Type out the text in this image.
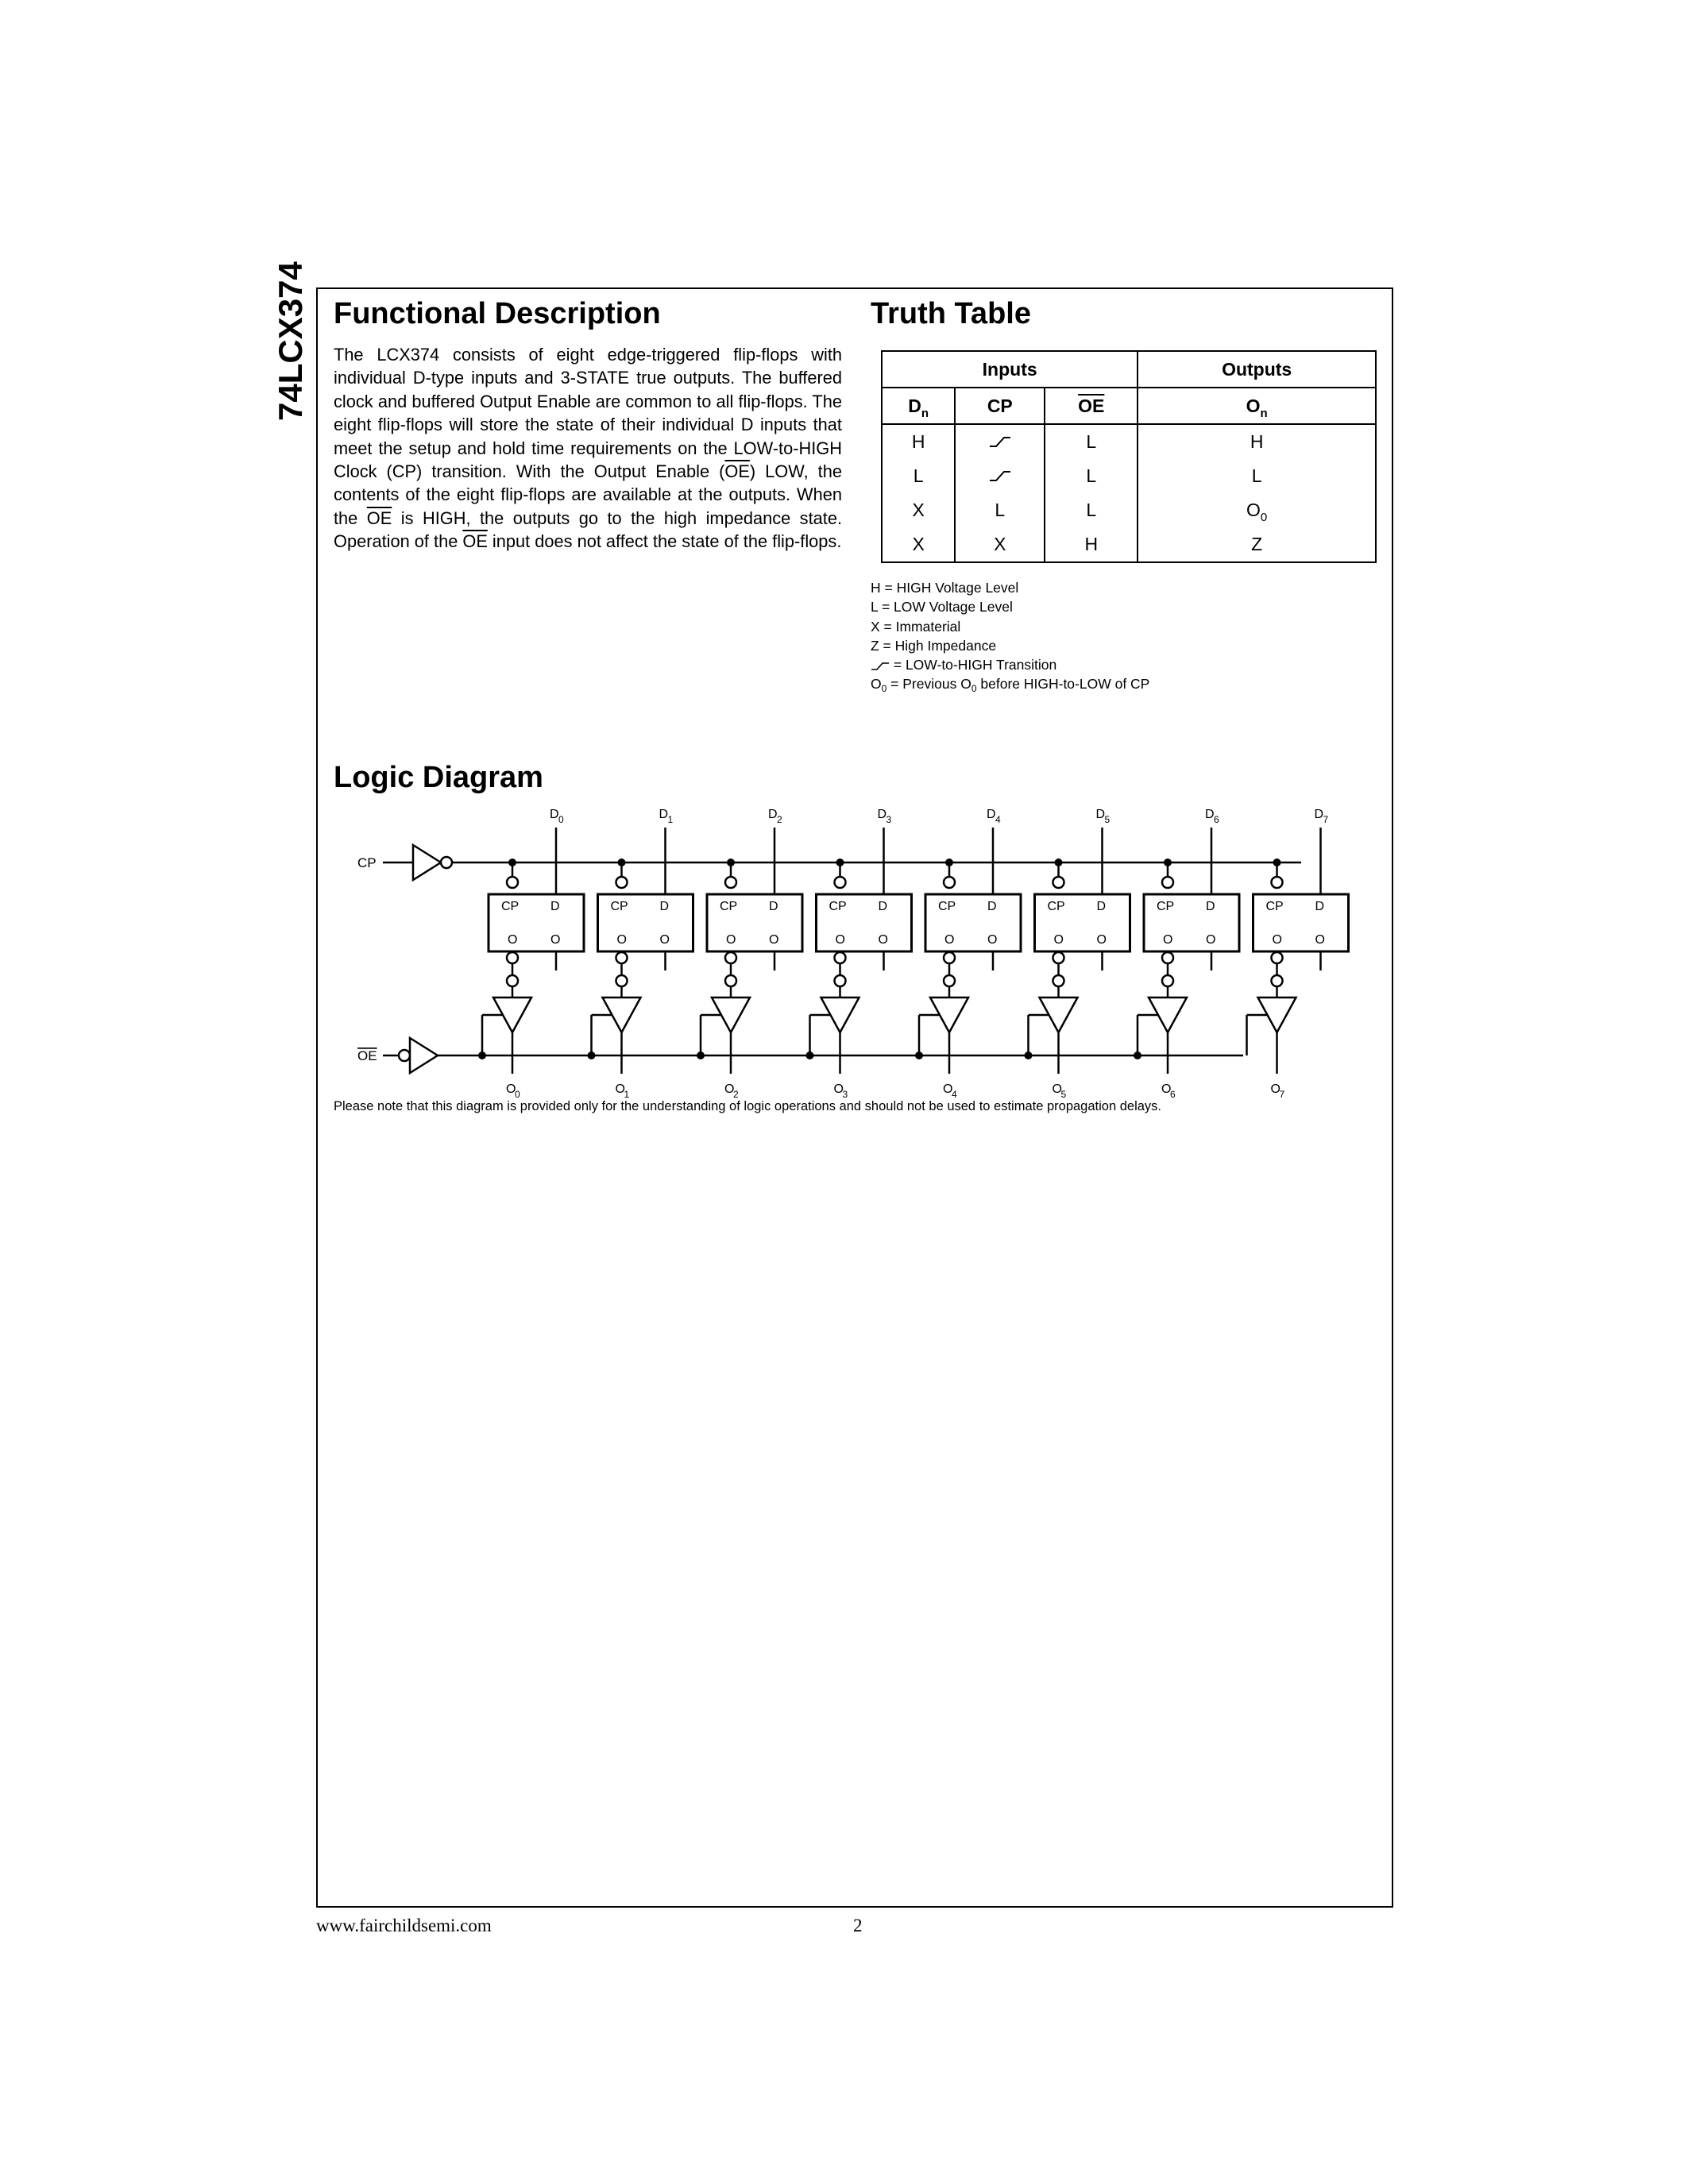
74LCX374 Functional Description
The LCX374 consists of eight edge-triggered flip-flops with individual D-type inputs and 3-STATE true outputs. The buffered clock and buffered Output Enable are common to all flip-flops. The eight flip-flops will store the state of their individual D inputs that meet the setup and hold time requirements on the LOW-to-HIGH Clock (CP) transition. With the Output Enable $(\overline{OE})$ LOW, the contents of the eight flip-flops are available at the outputs. When the $\overline{OE}$ is HIGH, the outputs go to the high impedance state. Operation of the $\overline{OE}$ input does not affect the state of the flip-flops.
Truth Table
Inputs			Outputs
$D_n$	CP	$\overline{OE}$	$O_n$
H		L	H
L		L	L
X	L	L	$O_0$
X	X	H	Z
H = HIGH Voltage Level
L = LOW Voltage Level
X = Immaterial
Z = High Impedance
= LOW-to-HIGH Transition
$O_0$ = Previous $O_0$ before HIGH-to-LOW of CP
Logic Diagram
CP
OE
D 0
CP D
O	O
O
0
D 1
CP D
O	O
O
1
D 2
CP D
O	O
O
2
D 3
CP D
O	O
O
3
D 4
CP D
O	O
O
4
D 5
CP D
O	O
O
5
D 6
CP D
O	O
O
6
D 7
CP D
O	O
O
7
Please note that this diagram is provided only for the understanding of logic operations and should not be used to estimate propagation delays.
www.fairchildsemi.com	2
